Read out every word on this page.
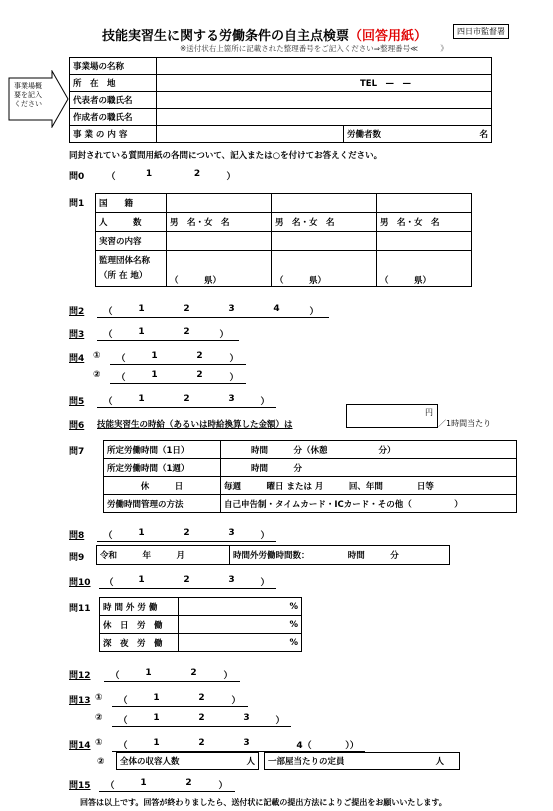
技能実習生に関する労働条件の自主点検票（回答用紙）	四日市監督署
※送付状右上箇所に記載された整理番号をご記入ください⇒整理番号≪　　　》
事業場概要を記入ください
事業場の名称			
所　在　地	TEL　—　—		
代表者の職氏名			
作成者の職氏名			
事 業 の 内 容		労働者数	名
同封されている質問用紙の各問について、記入または○を付けてお答えください。
問0	（	1	2	）
問1 国　　籍			
人　　　数	男　名・女　名	男　名・女　名	男　名・女　名
実習の内容			

監理団体名称
（所 在 地）	（　　　県）	（　　　県）	（　　　県）
問2	（	1	2	3	4	）
問3	（	1	2	）
問4 ①	（	1	2	）
②	（	1	2	）
問5	（	1	2	3	）
問6 技能実習生の時給（あるいは時給換算した金額）は
円
／1時間当たり
問7	所定労働時間（1日）	時間　　　分（休憩　　　　　　分）
所定労働時間（1週）	時間　　　分
休　　　日	毎週　　　曜日 または 月　　　回、年間　　　　日等
労働時間管理の方法	自己申告制・タイムカード・ICカード・その他（　　　　　）
問8	（	1	2	3	）
問9 令和　　　年　　　月	時間外労働時間数：　　　　　時間　　　分
問10	（	1	2	3	）
問11 時 間 外 労 働	%
休　日　労　働	%
深　夜　労　働	%
問12	（	1	2	）
問13 ①	（	1	2	）
②	（	1	2	3	）
問14 ①	（	1	2	3	4（	））
② 全体の収容人数	人 一部屋当たりの定員	人
問15	（	1	2	）
回答は以上です。回答が終わりましたら、送付状に記載の提出方法によりご提出をお願いいたします。
